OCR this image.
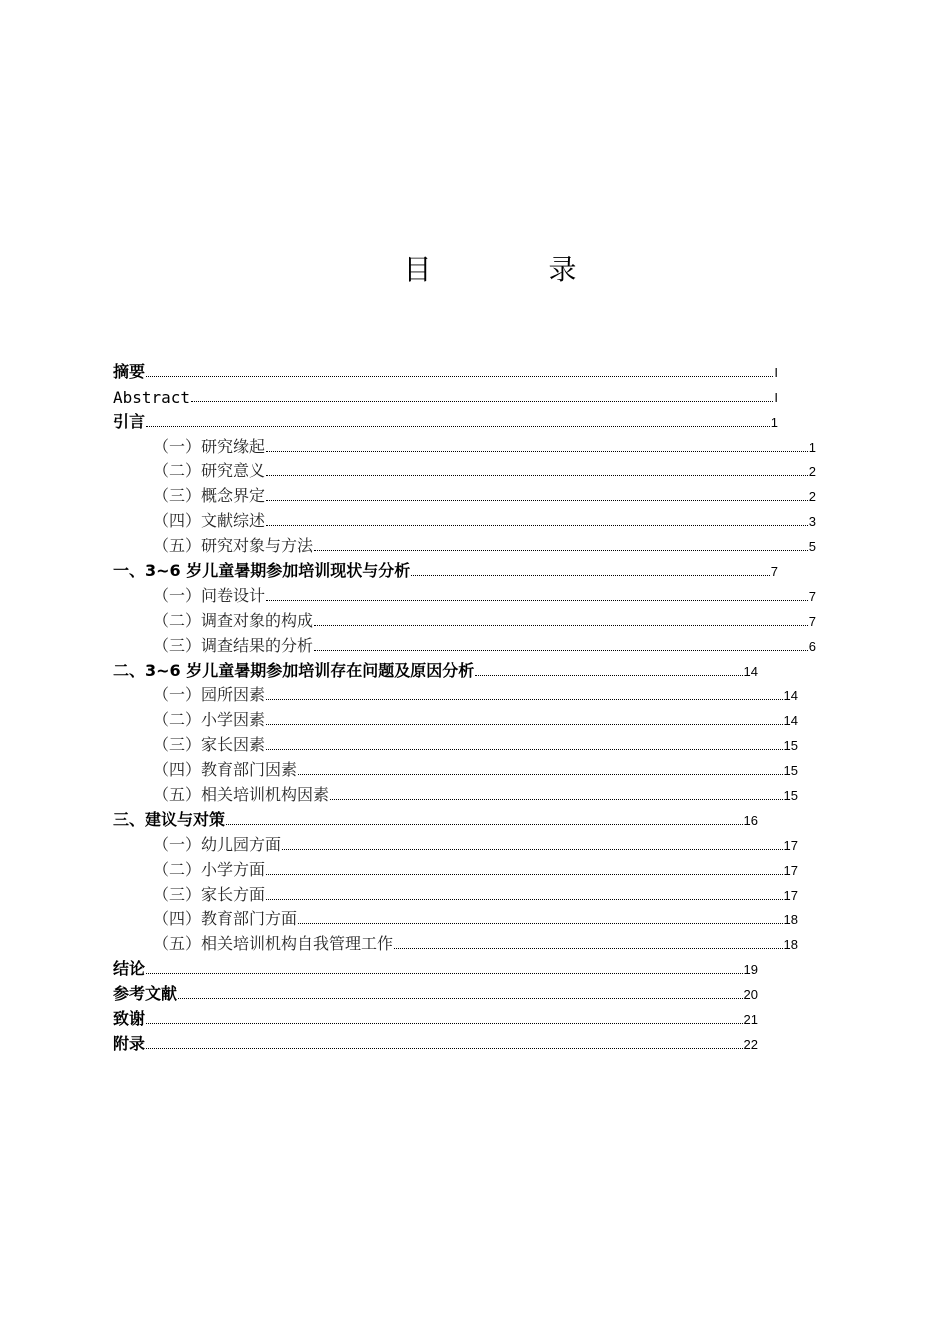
目 录
摘要	I
Abstract	I
引言	1
（一）研究缘起	1
（二）研究意义	2
（三）概念界定	2
（四）文献综述	3
（五）研究对象与方法	5
一、3~6 岁儿童暑期参加培训现状与分析	7
（一）问卷设计	7
（二）调查对象的构成	7
（三）调查结果的分析	6
二、3~6 岁儿童暑期参加培训存在问题及原因分析	14
（一）园所因素	14
（二）小学因素	14
（三）家长因素	15
（四）教育部门因素	15
（五）相关培训机构因素	15
三、建议与对策	16
（一）幼儿园方面	17
（二）小学方面	17
（三）家长方面	17
（四）教育部门方面	18
（五）相关培训机构自我管理工作	18
结论	19
参考文献	20
致谢	21
附录	22
